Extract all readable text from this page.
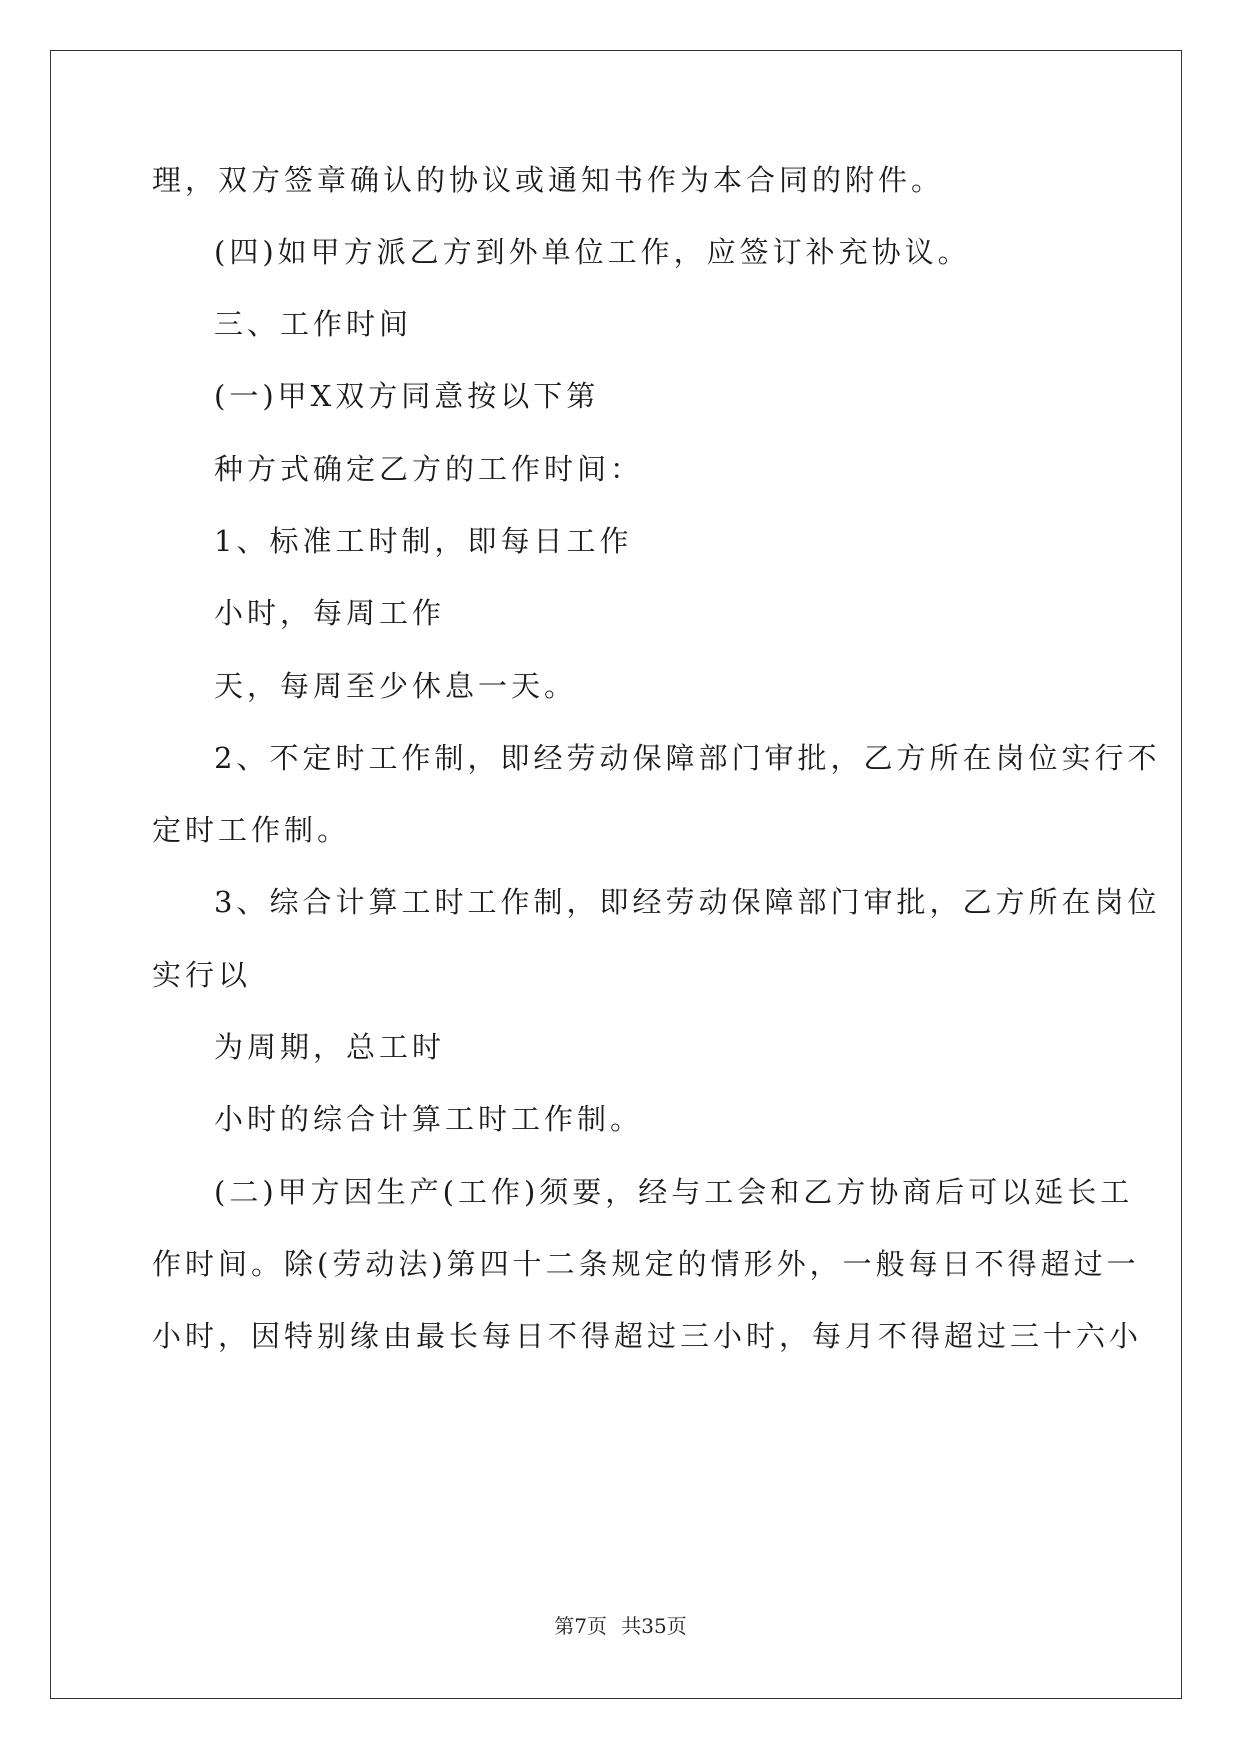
理，双方签章确认的协议或通知书作为本合同的附件。
(四)如甲方派乙方到外单位工作，应签订补充协议。
三、工作时间
(一)甲X双方同意按以下第
种方式确定乙方的工作时间：
1、标准工时制，即每日工作
小时，每周工作
天，每周至少休息一天。
2、不定时工作制，即经劳动保障部门审批，乙方所在岗位实行不
定时工作制。
3、综合计算工时工作制，即经劳动保障部门审批，乙方所在岗位
实行以
为周期，总工时
小时的综合计算工时工作制。
(二)甲方因生产(工作)须要，经与工会和乙方协商后可以延长工
作时间。除(劳动法)第四十二条规定的情形外，一般每日不得超过一
小时，因特别缘由最长每日不得超过三小时，每月不得超过三十六小
第7页 共35页
